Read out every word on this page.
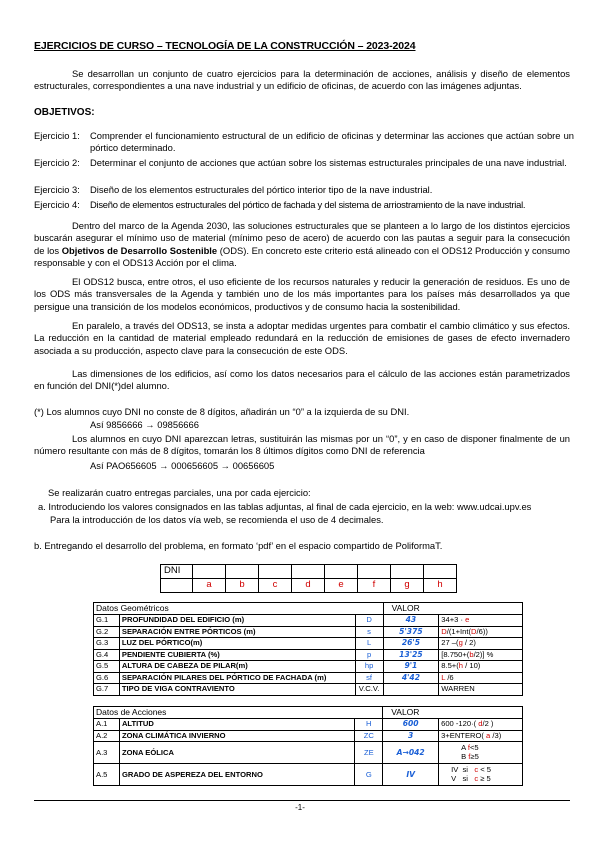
EJERCICIOS DE CURSO – TECNOLOGÍA DE LA CONSTRUCCIÓN – 2023-2024
Se desarrollan un conjunto de cuatro ejercicios para la determinación de acciones, análisis y diseño de elementos estructurales, correspondientes a una nave industrial y un edificio de oficinas, de acuerdo con las imágenes adjuntas.
OBJETIVOS:
Ejercicio 1:	Comprender el funcionamiento estructural de un edificio de oficinas y determinar las acciones que actúan sobre un pórtico determinado.
Ejercicio 2:	Determinar el conjunto de acciones que actúan sobre los sistemas estructurales principales de una nave industrial.
Ejercicio 3:	Diseño de los elementos estructurales del pórtico interior tipo de la nave industrial.
Ejercicio 4:	Diseño de elementos estructurales del pórtico de fachada y del sistema de arriostramiento de la nave industrial.
Dentro del marco de la Agenda 2030, las soluciones estructurales que se planteen a lo largo de los distintos ejercicios buscarán asegurar el mínimo uso de material (mínimo peso de acero) de acuerdo con las pautas a seguir para la consecución de los Objetivos de Desarrollo Sostenible (ODS). En concreto este criterio está alineado con el ODS12 Producción y consumo responsable y con el ODS13 Acción por el clima.
El ODS12 busca, entre otros, el uso eficiente de los recursos naturales y reducir la generación de residuos. Es uno de los ODS más transversales de la Agenda y también uno de los más importantes para los países más desarrollados ya que persigue una transición de los modelos económicos, productivos y de consumo hacia la sostenibilidad.
En paralelo, a través del ODS13, se insta a adoptar medidas urgentes para combatir el cambio climático y sus efectos. La reducción en la cantidad de material empleado redundará en la reducción de emisiones de gases de efecto invernadero asociada a su producción, aspecto clave para la consecución de este ODS.
Las dimensiones de los edificios, así como los datos necesarios para el cálculo de las acciones están parametrizados en función del DNI(*)del alumno.
(*) Los alumnos cuyo DNI no conste de 8 dígitos, añadirán un “0” a la izquierda de su DNI.
Así 9856666 → 09856666
Los alumnos en cuyo DNI aparezcan letras, sustituirán las mismas por un “0”, y en caso de disponer finalmente de un número resultante con más de 8 dígitos, tomarán los 8 últimos dígitos como DNI de referencia
Así PAO656605 → 000656605 → 00656605
Se realizarán cuatro entregas parciales, una por cada ejercicio:
a. Introduciendo los valores consignados en las tablas adjuntas, al final de cada ejercicio, en la web: www.udcai.upv.es
Para la introducción de los datos vía web, se recomienda el uso de 4 decimales.
b. Entregando el desarrollo del problema, en formato ‘pdf’ en el espacio compartido de PoliformaT.
DNI								
	a	b	c	d	e	f	g	h
Datos Geométricos			VALOR	
G.1	PROFUNDIDAD DEL EDIFICIO (m)	D	43	34+3 · e
G.2	SEPARACIÓN ENTRE PÓRTICOS (m)	s	5'375	D/(1+Int(D/6))
G.3	LUZ DEL PÓRTICO(m)	L	26'5	27 –(g / 2)
G.4	PENDIENTE CUBIERTA (%)	p	13'25	[8.750+(b/2)] %
G.5	ALTURA DE CABEZA DE PILAR(m)	hp	9'1	8.5+(h / 10)
G.6	SEPARACIÓN PILARES DEL PÓRTICO DE FACHADA (m)	sf	4'42	L /6
G.7	TIPO DE VIGA CONTRAVIENTO	V.C.V.		WARREN
Datos de Acciones			VALOR	
A.1	ALTITUD	H	600	600 -120·( d/2 )
A.2	ZONA CLIMÁTICA INVIERNO	ZC	3	3+ENTERO( a /3)
A.3	ZONA EÓLICA	ZE	A→042	A f<5
B f≥5

A.5	GRADO DE ASPEREZA DEL ENTORNO	G	IV	IV  si   c < 5
V   si   c ≥ 5
-1-
